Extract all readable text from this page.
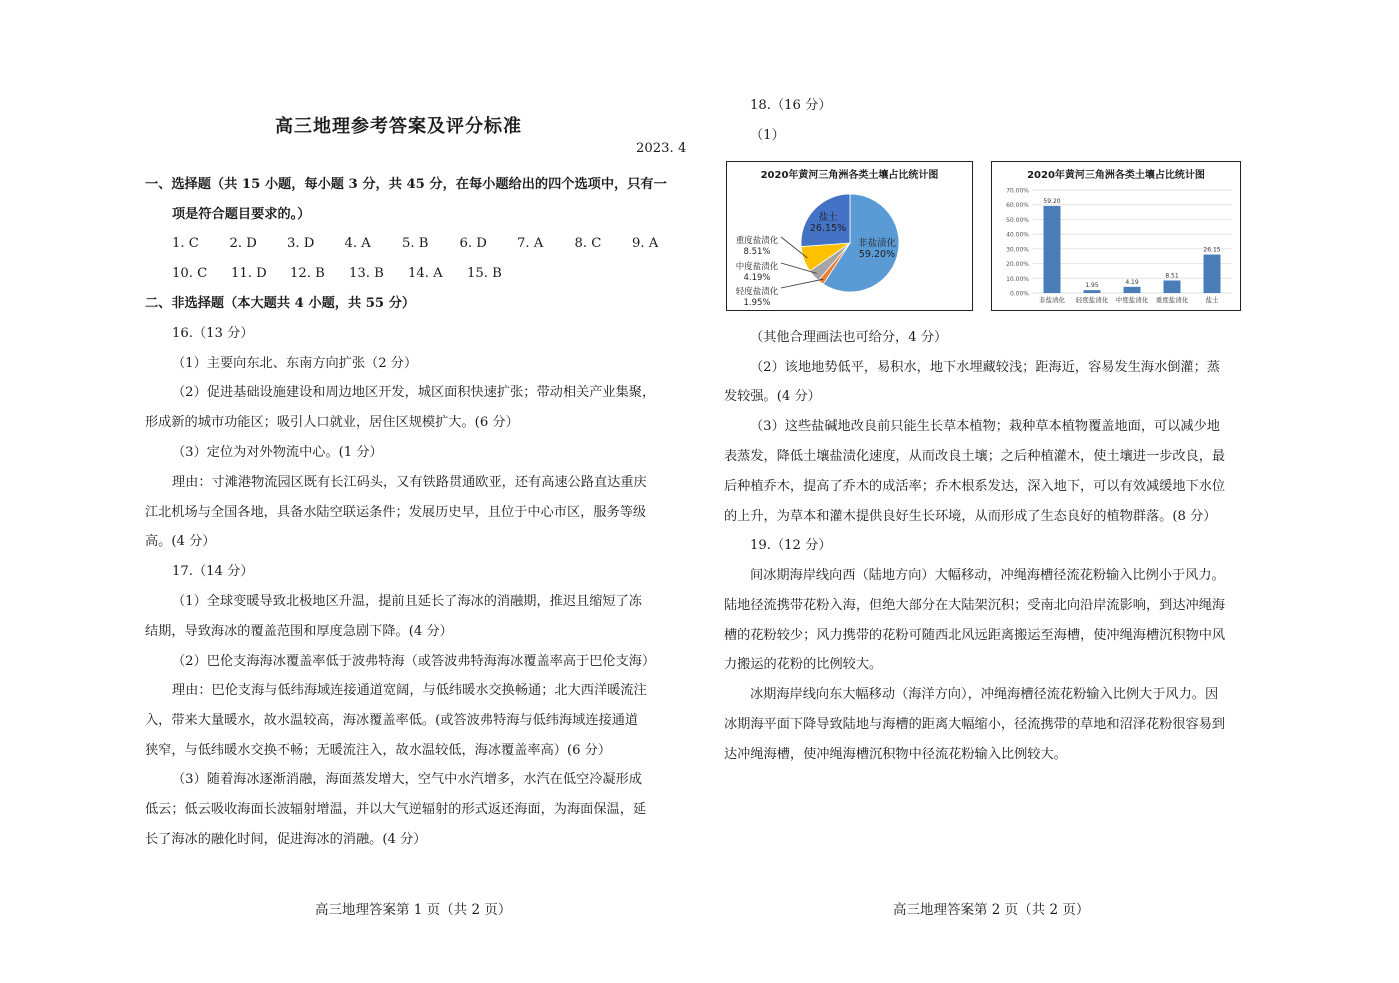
高三地理参考答案及评分标准
2023. 4
一、选择题（共 15 小题，每小题 3 分，共 45 分，在每小题给出的四个选项中，只有一
项是符合题目要求的。）
1. C 2. D 3. D 4. A 5. B 6. D 7. A 8. C 9. A
10. C 11. D 12. B 13. B 14. A 15. B
二、非选择题（本大题共 4 小题，共 55 分）
16.（13 分）
（1）主要向东北、东南方向扩张（2 分）
（2）促进基础设施建设和周边地区开发，城区面积快速扩张；带动相关产业集聚，
形成新的城市功能区；吸引人口就业，居住区规模扩大。(6 分）
（3）定位为对外物流中心。(1 分）
理由：寸滩港物流园区既有长江码头，又有铁路贯通欧亚，还有高速公路直达重庆
江北机场与全国各地，具备水陆空联运条件；发展历史早，且位于中心市区，服务等级
高。(4 分）
17.（14 分）
（1）全球变暖导致北极地区升温，提前且延长了海冰的消融期，推迟且缩短了冻
结期，导致海冰的覆盖范围和厚度急剧下降。(4 分）
（2）巴伦支海海冰覆盖率低于波弗特海（或答波弗特海海冰覆盖率高于巴伦支海）
理由：巴伦支海与低纬海域连接通道宽阔，与低纬暖水交换畅通；北大西洋暖流注
入，带来大量暖水，故水温较高，海冰覆盖率低。(或答波弗特海与低纬海域连接通道
狭窄，与低纬暖水交换不畅；无暖流注入，故水温较低，海冰覆盖率高）(6 分）
（3）随着海冰逐渐消融，海面蒸发增大，空气中水汽增多，水汽在低空冷凝形成
低云；低云吸收海面长波辐射增温，并以大气逆辐射的形式返还海面，为海面保温，延
长了海冰的融化时间，促进海冰的消融。(4 分）
高三地理答案第 1 页（共 2 页）
18.（16 分）
（1）
2020年黄河三角洲各类土壤占比统计图
非盐渍化
59.20%
轻度盐渍化
1.95%
中度盐渍化
4.19%
重度盐渍化
8.51%
盐土
26.15%
2020年黄河三角洲各类土壤占比统计图
0.00%
10.00%
20.00%
30.00%
40.00%
50.00%
60.00%
70.00%
59.20
非盐渍化
1.95
轻度盐渍化
4.19
中度盐渍化
8.51
重度盐渍化
26.15
盐土
（其他合理画法也可给分，4 分）
（2）该地地势低平，易积水，地下水埋藏较浅；距海近，容易发生海水倒灌；蒸
发较强。(4 分）
（3）这些盐碱地改良前只能生长草本植物；栽种草本植物覆盖地面，可以减少地
表蒸发，降低土壤盐渍化速度，从而改良土壤；之后种植灌木，使土壤进一步改良，最
后种植乔木，提高了乔木的成活率；乔木根系发达，深入地下，可以有效减缓地下水位
的上升，为草本和灌木提供良好生长环境，从而形成了生态良好的植物群落。(8 分）
19.（12 分）
间冰期海岸线向西（陆地方向）大幅移动，冲绳海槽径流花粉输入比例小于风力。
陆地径流携带花粉入海，但绝大部分在大陆架沉积；受南北向沿岸流影响，到达冲绳海
槽的花粉较少；风力携带的花粉可随西北风远距离搬运至海槽，使冲绳海槽沉积物中风
力搬运的花粉的比例较大。
冰期海岸线向东大幅移动（海洋方向），冲绳海槽径流花粉输入比例大于风力。因
冰期海平面下降导致陆地与海槽的距离大幅缩小，径流携带的草地和沼泽花粉很容易到
达冲绳海槽，使冲绳海槽沉积物中径流花粉输入比例较大。
高三地理答案第 2 页（共 2 页）
